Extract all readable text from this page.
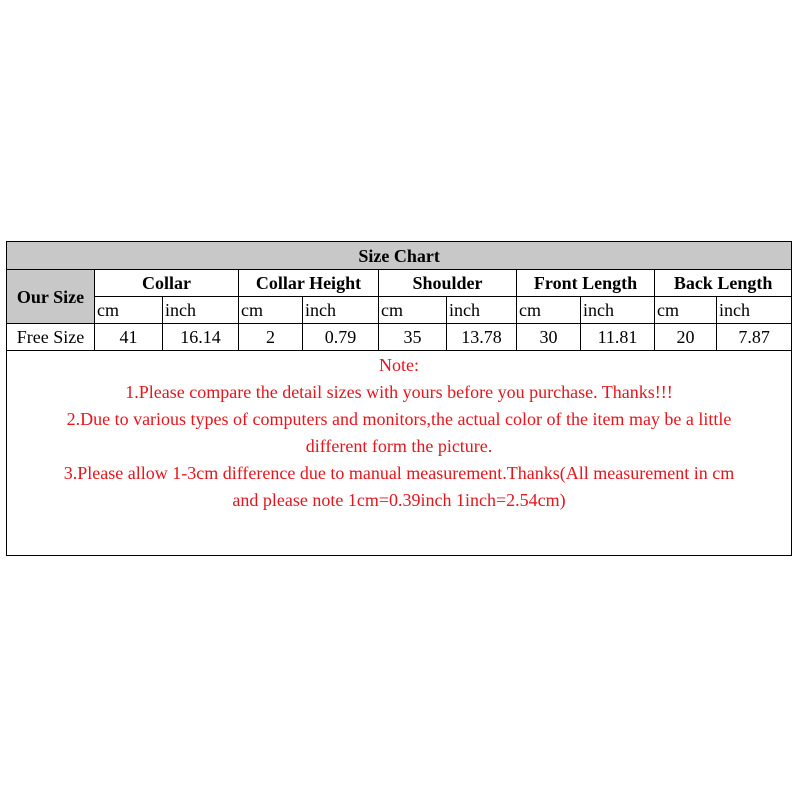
Size Chart										
Our Size	Collar		Collar Height		Shoulder		Front Length		Back Length	
	cm	inch	cm	inch	cm	inch	cm	inch	cm	inch
Free Size	41	16.14	2	0.79	35	13.78	30	11.81	20	7.87
Note:
1.Please compare the detail sizes with yours before you purchase. Thanks!!!
2.Due to various types of computers and monitors,the actual color of the item may be a little
different form the picture.
3.Please allow 1-3cm difference due to manual measurement.Thanks(All measurement in cm
and please note 1cm=0.39inch 1inch=2.54cm)
